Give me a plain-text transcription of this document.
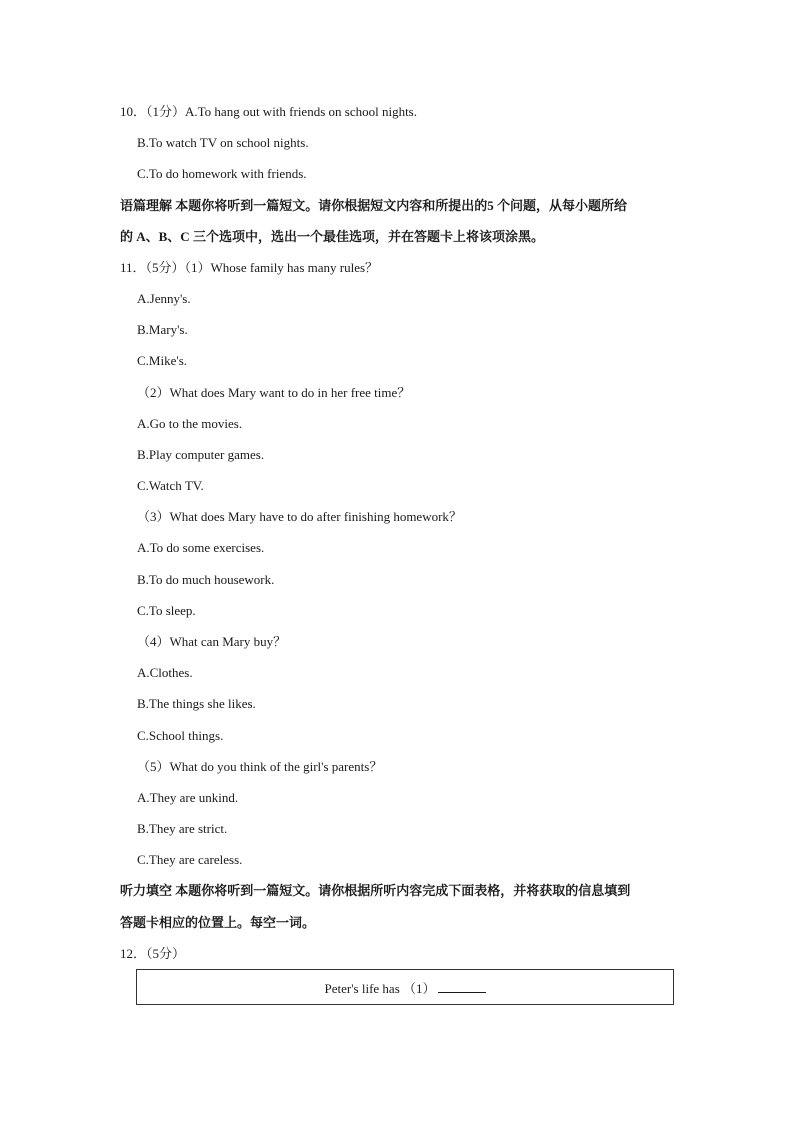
10．（1分）A.To hang out with friends on school nights.
B.To watch TV on school nights.
C.To do homework with friends.
语篇理解 本题你将听到一篇短文。请你根据短文内容和所提出的5 个问题，从每小题所给
的 A、B、C 三个选项中，选出一个最佳选项，并在答题卡上将该项涂黑。
11．（5分）（1）Whose family has many rules？
A.Jenny's.
B.Mary's.
C.Mike's.
（2）What does Mary want to do in her free time？
A.Go to the movies.
B.Play computer games.
C.Watch TV.
（3）What does Mary have to do after finishing homework？
A.To do some exercises.
B.To do much housework.
C.To sleep.
（4）What can Mary buy？
A.Clothes.
B.The things she likes.
C.School things.
（5）What do you think of the girl's parents？
A.They are unkind.
B.They are strict.
C.They are careless.
听力填空 本题你将听到一篇短文。请你根据所听内容完成下面表格，并将获取的信息填到
答题卡相应的位置上。每空一词。
12．（5分）
Peter's life has （1）
